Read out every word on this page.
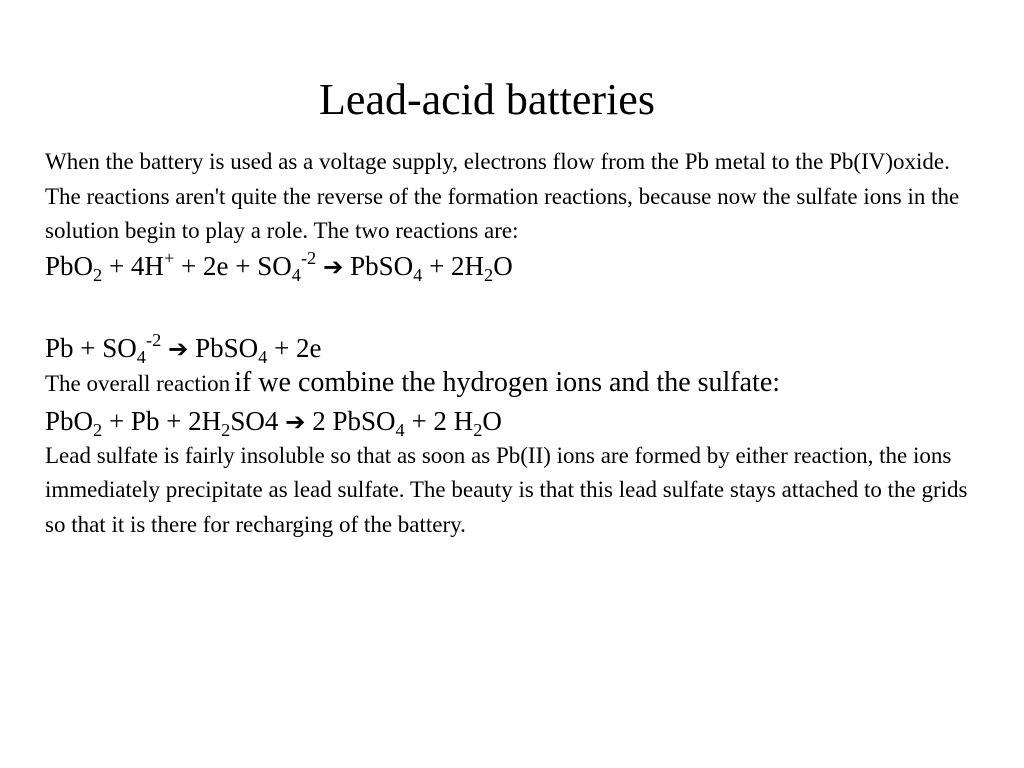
Lead-acid batteries

When the battery is used as a voltage supply, electrons flow from the Pb metal to the Pb(IV)oxide. The reactions aren't quite the reverse of the formation reactions, because now the sulfate ions in the solution begin to play a role. The two reactions are:

$PbO_2 + 4H^+ + 2e + SO_4^{-2}$ ➔ PbSO$_4$ + $2H_2O$

$Pb + SO_4^{-2}$ ➔ PbSO$_4$ + 2e

The overall reaction if we combine the hydrogen ions and the sulfate:

$PbO_2 + Pb + 2H_2SO4$ ➔ 2 PbSO$_4$ + 2 $H_2O$

Lead sulfate is fairly insoluble so that as soon as Pb(II) ions are formed by either reaction, the ions immediately precipitate as lead sulfate. The beauty is that this lead sulfate stays attached to the grids so that it is there for recharging of the battery.
